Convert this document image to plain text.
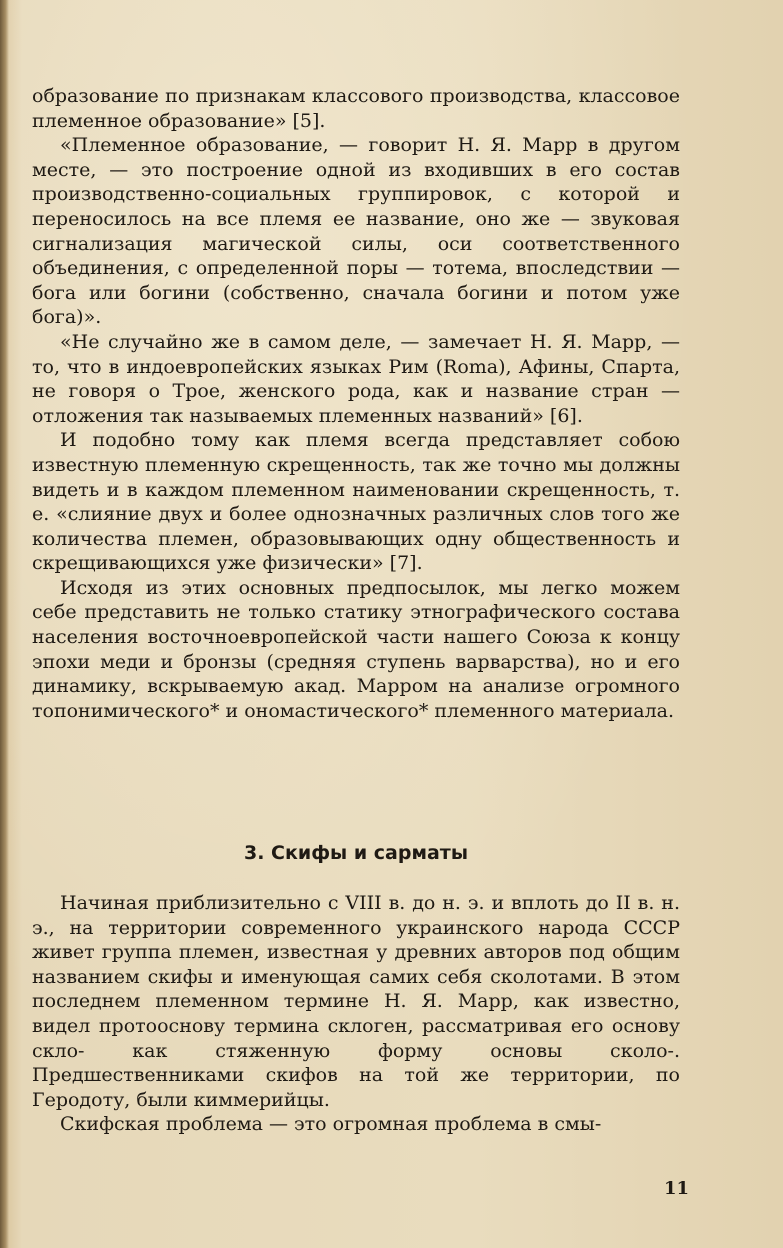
образование по признакам классового производства, классовое племенное образование» [5].

«Племенное образование, — говорит Н. Я. Марр в другом месте, — это построение одной из входивших в его состав производственно-социальных группировок, с которой и переносилось на все племя ее название, оно же — звуковая сигнализация магической силы, оси соответственного объединения, с определенной поры — тотема, впоследствии — бога или богини (собственно, сначала богини и потом уже бога)».

«Не случайно же в самом деле, — замечает Н. Я. Марр, — то, что в индоевропейских языках Рим (Roma), Афины, Спарта, не говоря о Трое, женского рода, как и название стран — отложения так называемых племенных названий» [6].

И подобно тому как племя всегда представляет собою известную племенную скрещенность, так же точно мы должны видеть и в каждом племенном наименовании скрещенность, т. е. «слияние двух и более однозначных различных слов того же количества племен, образовывающих одну общественность и скрещивающихся уже физически» [7].

Исходя из этих основных предпосылок, мы легко можем себе представить не только статику этнографического состава населения восточноевропейской части нашего Союза к концу эпохи меди и бронзы (средняя ступень варварства), но и его динамику, вскрываемую акад. Марром на анализе огромного топонимического* и ономастического* племенного материала.

3. Скифы и сарматы

Начиная приблизительно с VIII в. до н. э. и вплоть до II в. н. э., на территории современного украинского народа СССР живет группа племен, известная у древних авторов под общим названием скифы и именующая самих себя сколотами. В этом последнем племенном термине Н. Я. Марр, как известно, видел протооснову термина склоген, рассматривая его основу скло- как стяженную форму основы сколо-. Предшественниками скифов на той же территории, по Геродоту, были киммерийцы.

Скифская проблема — это огромная проблема в смы-

11
